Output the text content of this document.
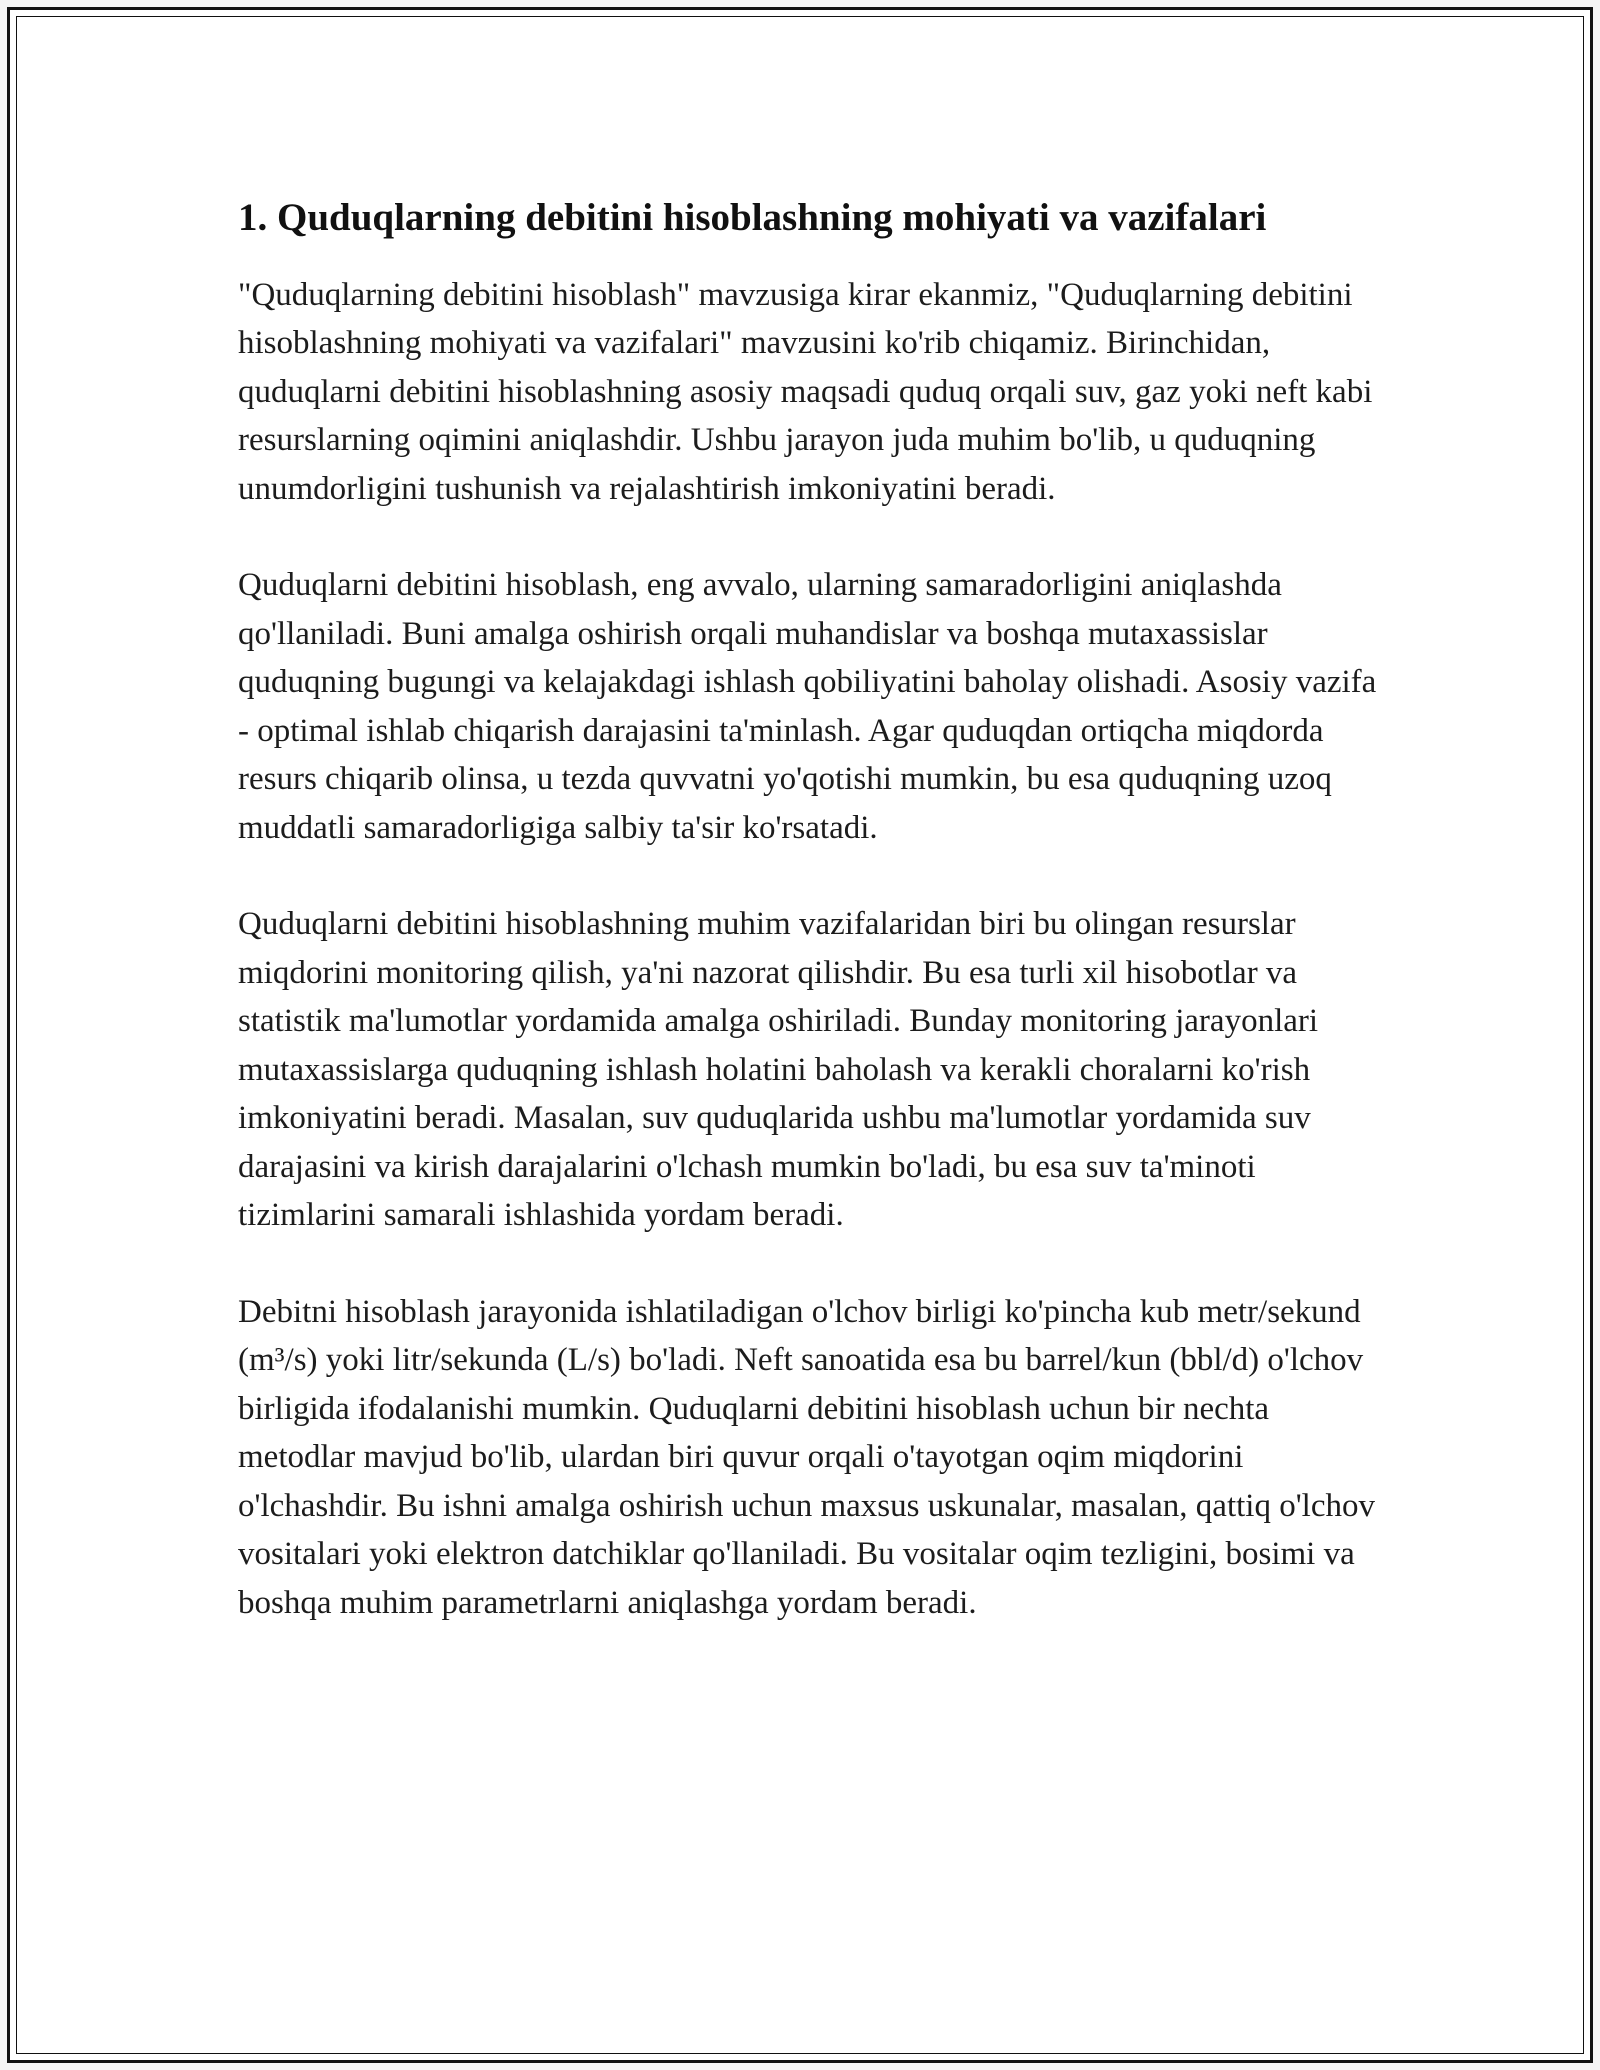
1. Quduqlarning debitini hisoblashning mohiyati va vazifalari

"Quduqlarning debitini hisoblash" mavzusiga kirar ekanmiz, "Quduqlarning debitini hisoblashning mohiyati va vazifalari" mavzusini ko'rib chiqamiz. Birinchidan, quduqlarni debitini hisoblashning asosiy maqsadi quduq orqali suv, gaz yoki neft kabi resurslarning oqimini aniqlashdir. Ushbu jarayon juda muhim bo'lib, u quduqning unumdorligini tushunish va rejalashtirish imkoniyatini beradi.

Quduqlarni debitini hisoblash, eng avvalo, ularning samaradorligini aniqlashda qo'llaniladi. Buni amalga oshirish orqali muhandislar va boshqa mutaxassislar quduqning bugungi va kelajakdagi ishlash qobiliyatini baholay olishadi. Asosiy vazifa - optimal ishlab chiqarish darajasini ta'minlash. Agar quduqdan ortiqcha miqdorda resurs chiqarib olinsa, u tezda quvvatni yo'qotishi mumkin, bu esa quduqning uzoq muddatli samaradorligiga salbiy ta'sir ko'rsatadi.

Quduqlarni debitini hisoblashning muhim vazifalaridan biri bu olingan resurslar miqdorini monitoring qilish, ya'ni nazorat qilishdir. Bu esa turli xil hisobotlar va statistik ma'lumotlar yordamida amalga oshiriladi. Bunday monitoring jarayonlari mutaxassislarga quduqning ishlash holatini baholash va kerakli choralarni ko'rish imkoniyatini beradi. Masalan, suv quduqlarida ushbu ma'lumotlar yordamida suv darajasini va kirish darajalarini o'lchash mumkin bo'ladi, bu esa suv ta'minoti tizimlarini samarali ishlashida yordam beradi.

Debitni hisoblash jarayonida ishlatiladigan o'lchov birligi ko'pincha kub metr/sekund (m³/s) yoki litr/sekunda (L/s) bo'ladi. Neft sanoatida esa bu barrel/kun (bbl/d) o'lchov birligida ifodalanishi mumkin. Quduqlarni debitini hisoblash uchun bir nechta metodlar mavjud bo'lib, ulardan biri quvur orqali o'tayotgan oqim miqdorini o'lchashdir. Bu ishni amalga oshirish uchun maxsus uskunalar, masalan, qattiq o'lchov vositalari yoki elektron datchiklar qo'llaniladi. Bu vositalar oqim tezligini, bosimi va boshqa muhim parametrlarni aniqlashga yordam beradi.
